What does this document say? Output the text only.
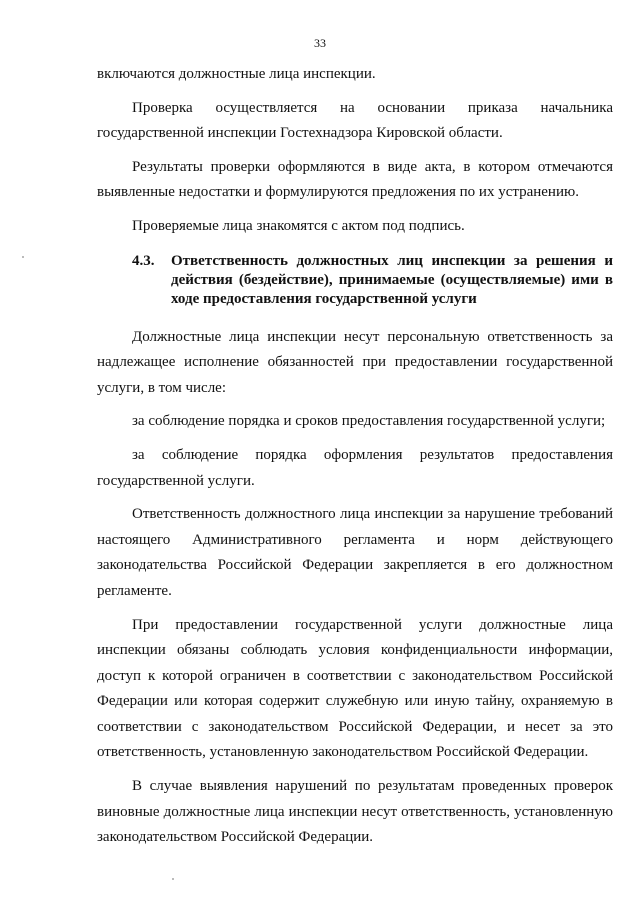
33

включаются должностные лица инспекции.

Проверка осуществляется на основании приказа начальника государственной инспекции Гостехнадзора Кировской области.

Результаты проверки оформляются в виде акта, в котором отмечаются выявленные недостатки и формулируются предложения по их устранению.

Проверяемые лица знакомятся с актом под подпись.

4.3.	Ответственность должностных лиц инспекции за решения и действия (бездействие), принимаемые (осуществляемые) ими в ходе предоставления государственной услуги

Должностные лица инспекции несут персональную ответственность за надлежащее исполнение обязанностей при предоставлении государственной услуги, в том числе:

за соблюдение порядка и сроков предоставления государственной услуги;

за соблюдение порядка оформления результатов предоставления государственной услуги.

Ответственность должностного лица инспекции за нарушение требований настоящего Административного регламента и норм действующего законодательства Российской Федерации закрепляется в его должностном регламенте.

При предоставлении государственной услуги должностные лица инспекции обязаны соблюдать условия конфиденциальности информации, доступ к которой ограничен в соответствии с законодательством Российской Федерации или которая содержит служебную или иную тайну, охраняемую в соответствии с законодательством Российской Федерации, и несет за это ответственность, установленную законодательством Российской Федерации.

В случае выявления нарушений по результатам проведенных проверок виновные должностные лица инспекции несут ответственность, установленную законодательством Российской Федерации.
